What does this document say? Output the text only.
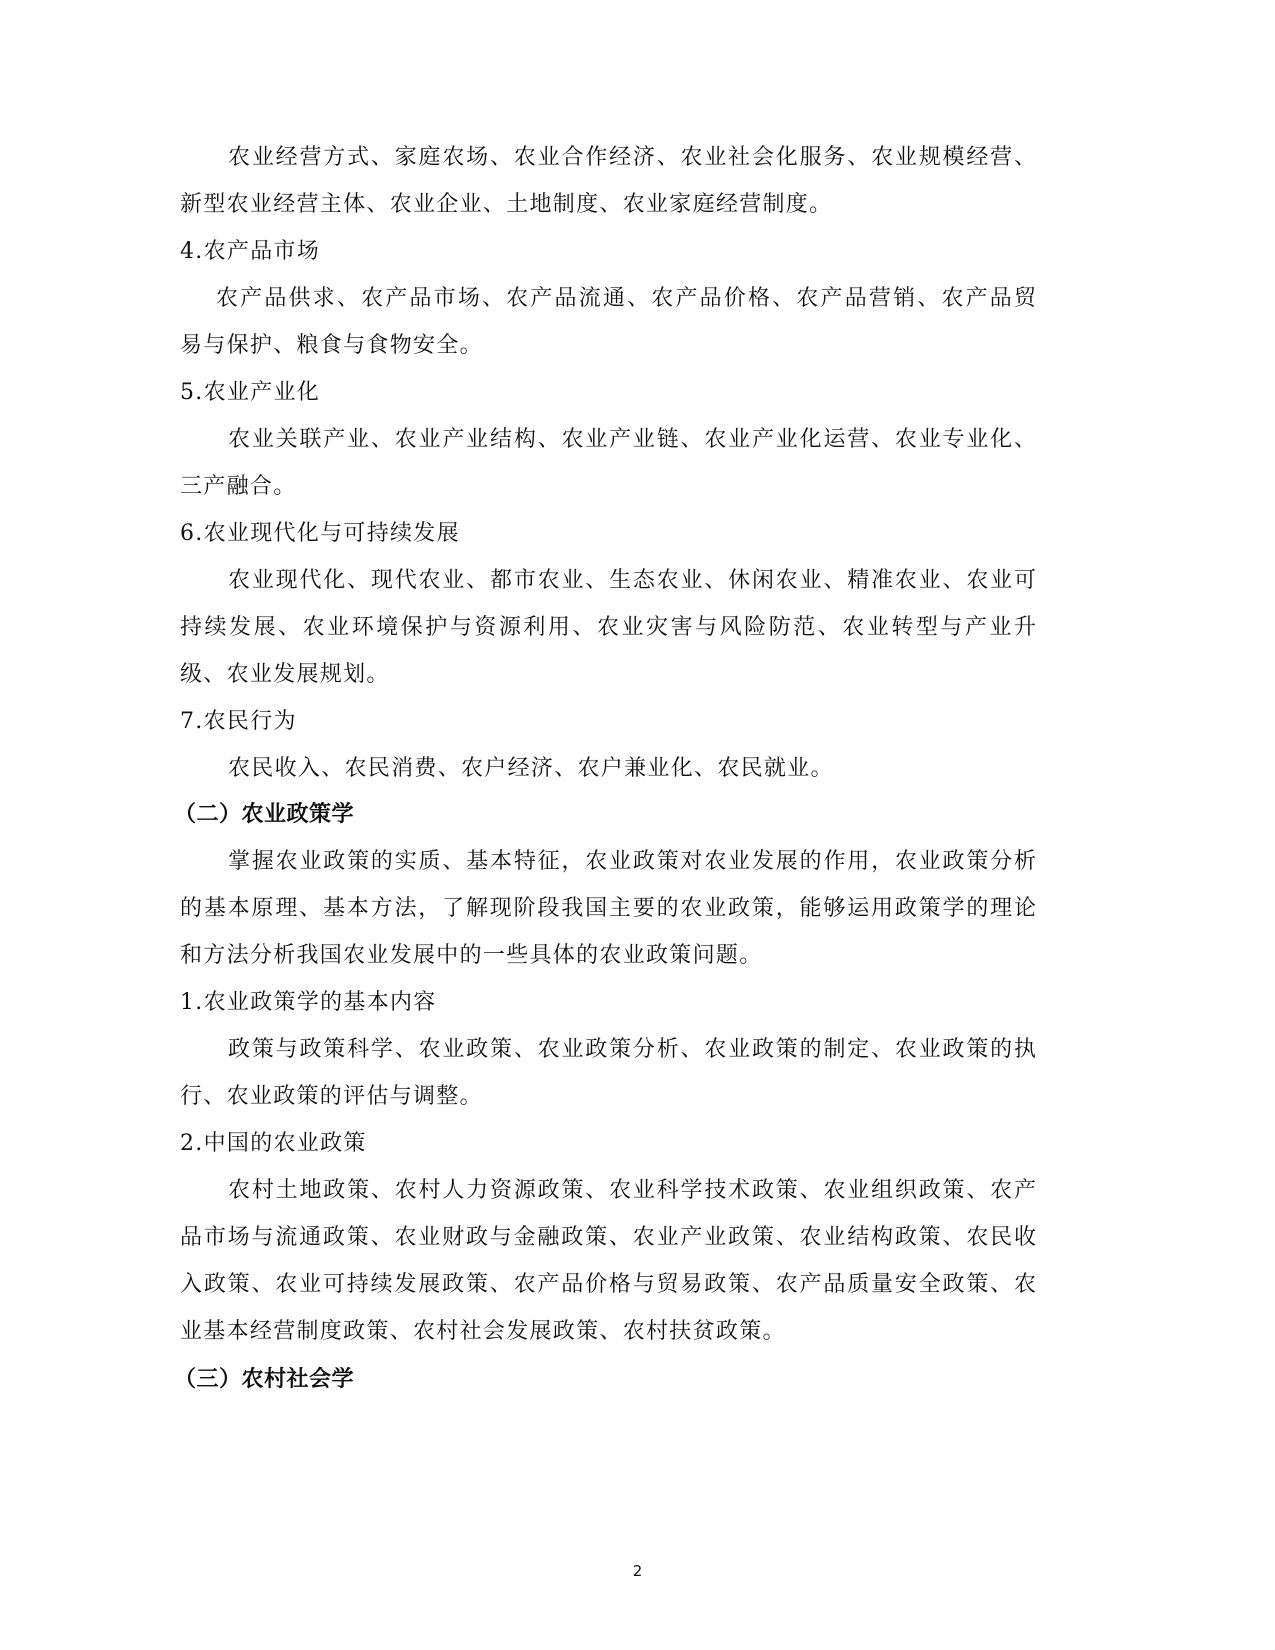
农业经营方式、家庭农场、农业合作经济、农业社会化服务、农业规模经营、
新型农业经营主体、农业企业、土地制度、农业家庭经营制度。
4.农产品市场
农产品供求、农产品市场、农产品流通、农产品价格、农产品营销、农产品贸
易与保护、粮食与食物安全。
5.农业产业化
农业关联产业、农业产业结构、农业产业链、农业产业化运营、农业专业化、
三产融合。
6.农业现代化与可持续发展
农业现代化、现代农业、都市农业、生态农业、休闲农业、精准农业、农业可
持续发展、农业环境保护与资源利用、农业灾害与风险防范、农业转型与产业升
级、农业发展规划。
7.农民行为
农民收入、农民消费、农户经济、农户兼业化、农民就业。
（二）农业政策学
掌握农业政策的实质、基本特征，农业政策对农业发展的作用，农业政策分析
的基本原理、基本方法，了解现阶段我国主要的农业政策，能够运用政策学的理论
和方法分析我国农业发展中的一些具体的农业政策问题。
1.农业政策学的基本内容
政策与政策科学、农业政策、农业政策分析、农业政策的制定、农业政策的执
行、农业政策的评估与调整。
2.中国的农业政策
农村土地政策、农村人力资源政策、农业科学技术政策、农业组织政策、农产
品市场与流通政策、农业财政与金融政策、农业产业政策、农业结构政策、农民收
入政策、农业可持续发展政策、农产品价格与贸易政策、农产品质量安全政策、农
业基本经营制度政策、农村社会发展政策、农村扶贫政策。
（三）农村社会学
2
